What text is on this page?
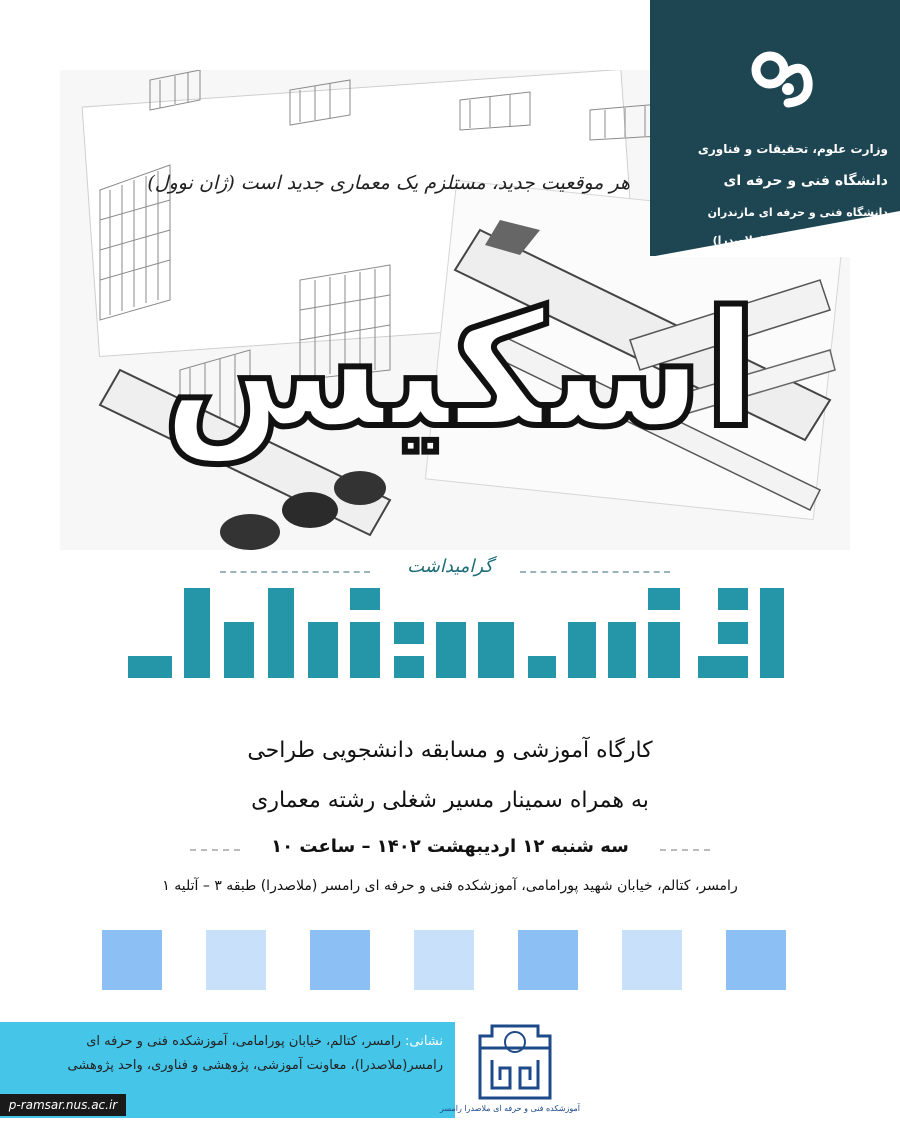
وزارت علوم، تحقیقات و فناوری
دانشگاه فنی و حرفه ای
دانشگاه فنی و حرفه ای مازندران
آموزشکده فنی رامسر (ملاصدرا)
هر موقعیت جدید، مستلزم یک معماری جدید است (ژان نوول)
اسکیس
گرامیداشت
کارگاه آموزشی و مسابقه دانشجویی طراحی
به همراه سمینار مسیر شغلی رشته معماری
سه شنبه ۱۲ اردیبهشت ۱۴۰۲ – ساعت ۱۰
رامسر، کتالم، خیابان شهید پورامامی، آموزشکده فنی و حرفه ای رامسر (ملاصدرا) طبقه ۳ – آتلیه ۱
نشانی: رامسر، کتالم، خیابان پورامامی، آموزشکده فنی و حرفه ای رامسر(ملاصدرا)، معاونت آموزشی، پژوهشی و فناوری، واحد پژوهشی
p-ramsar.nus.ac.ir	آموزشکده فنی و حرفه ای ملاصدرا رامسر
